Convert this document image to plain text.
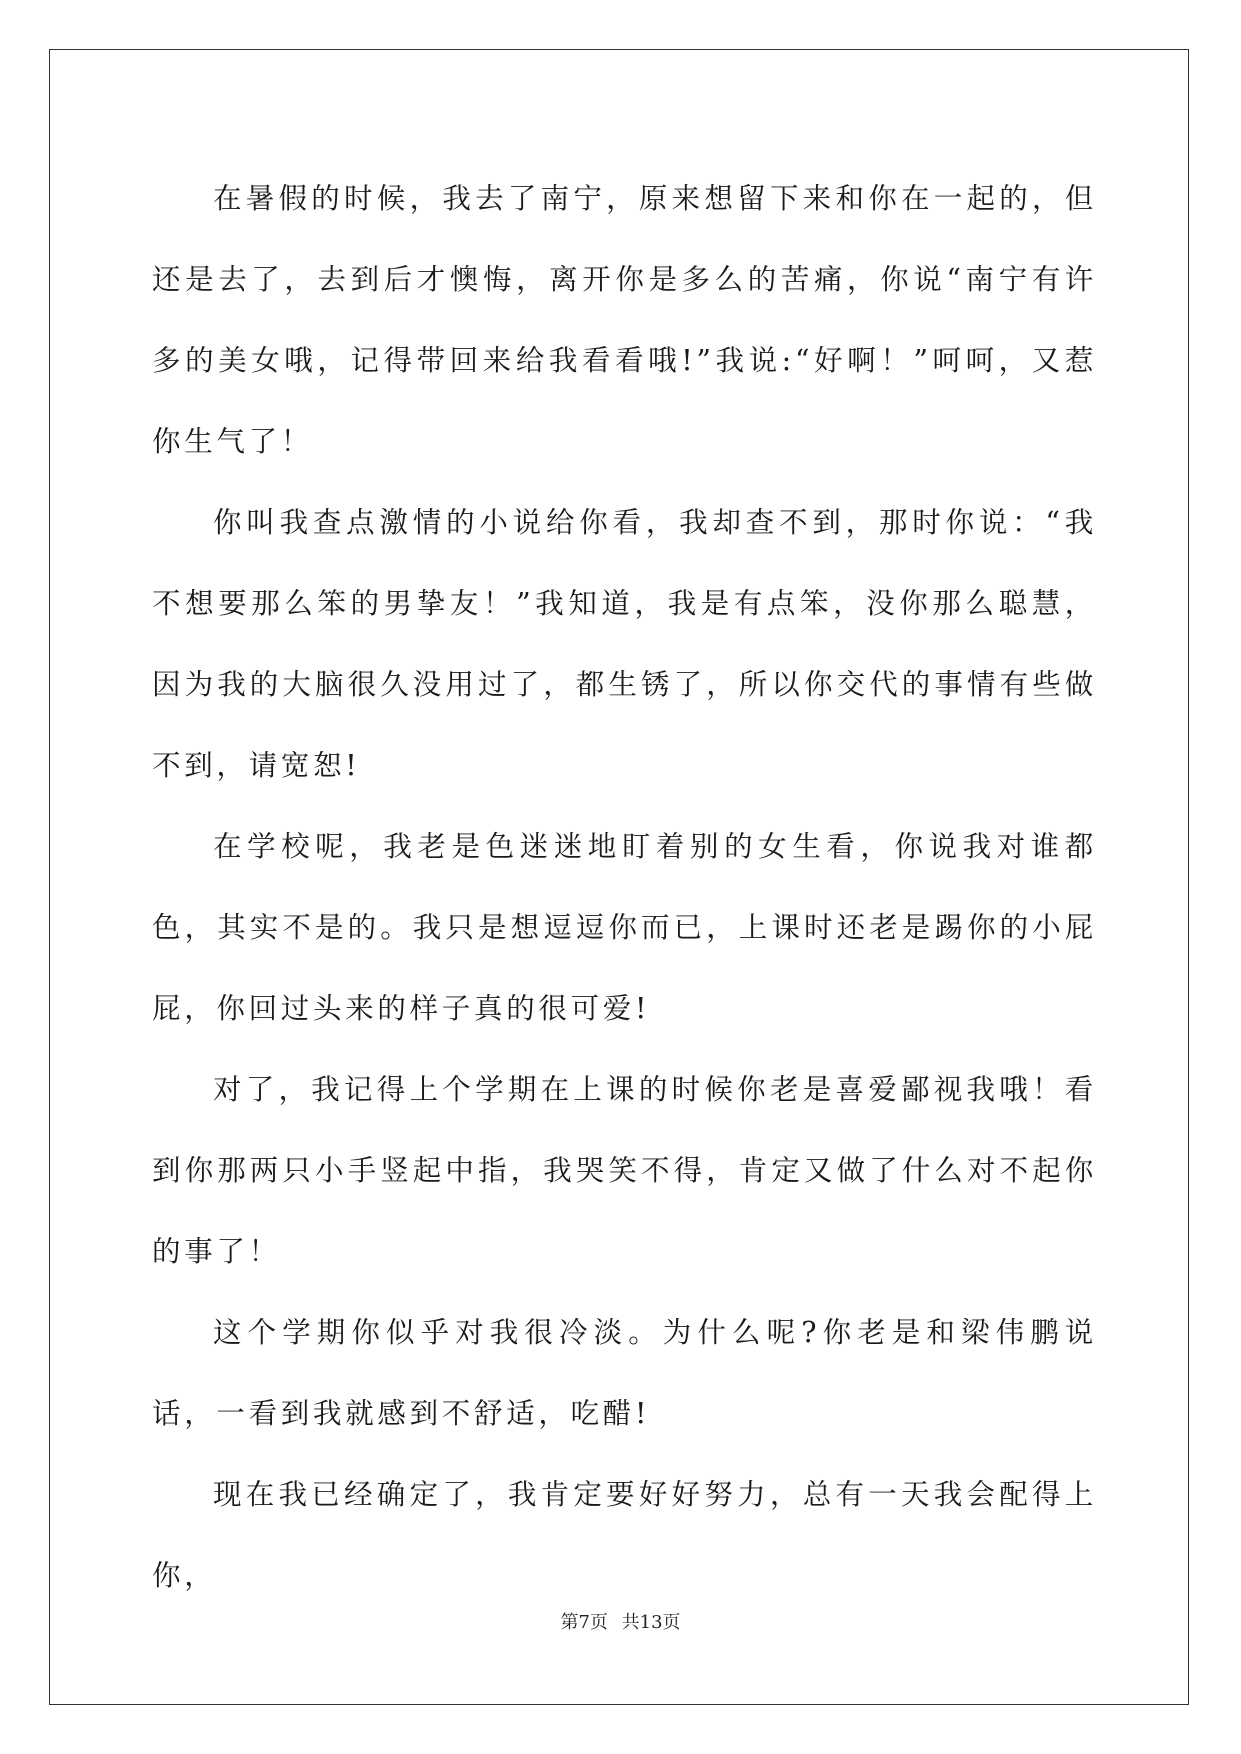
在暑假的时候，我去了南宁，原来想留下来和你在一起的，但还是去了，去到后才懊悔，离开你是多么的苦痛，你说“南宁有许多的美女哦，记得带回来给我看看哦!”我说:“好啊！”呵呵，又惹你生气了！

你叫我查点激情的小说给你看，我却查不到，那时你说：“我不想要那么笨的男挚友！”我知道，我是有点笨，没你那么聪慧，因为我的大脑很久没用过了，都生锈了，所以你交代的事情有些做不到，请宽恕!

在学校呢，我老是色迷迷地盯着别的女生看，你说我对谁都色，其实不是的。我只是想逗逗你而已，上课时还老是踢你的小屁屁，你回过头来的样子真的很可爱!

对了，我记得上个学期在上课的时候你老是喜爱鄙视我哦！看到你那两只小手竖起中指，我哭笑不得，肯定又做了什么对不起你的事了！

这个学期你似乎对我很冷淡。为什么呢?你老是和梁伟鹏说话，一看到我就感到不舒适，吃醋!

现在我已经确定了，我肯定要好好努力，总有一天我会配得上你，

第7页 共13页
